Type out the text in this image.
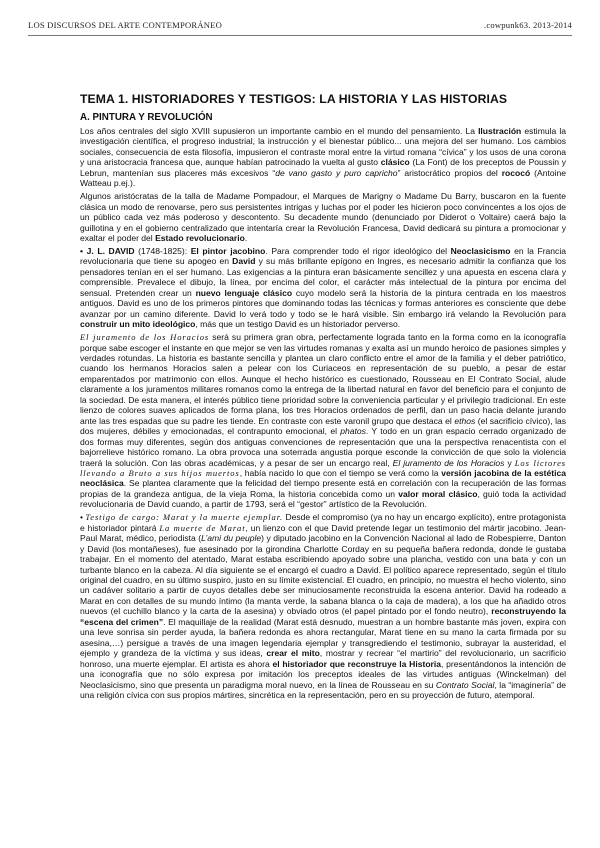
LOS DISCURSOS DEL ARTE CONTEMPORÁNEO	.cowpunk63. 2013-2014
TEMA 1. HISTORIADORES Y TESTIGOS: LA HISTORIA Y LAS HISTORIAS
A. PINTURA Y REVOLUCIÓN

Los años centrales del siglo XVIII supusieron un importante cambio en el mundo del pensamiento. La Ilustración estimula la investigación científica, el progreso industrial, la instrucción y el bienestar público... una mejora del ser humano. Los cambios sociales, consecuencia de esta filosofía, impusieron el contraste moral entre la virtud romana “cívica” y los usos de una corona y una aristocracia francesa que, aunque habían patrocinado la vuelta al gusto clásico (La Font) de los preceptos de Poussin y Lebrun, mantenían sus placeres más excesivos “de vano gasto y puro capricho” aristocrático propios del rococó (Antoine Watteau p.ej.).

Algunos aristócratas de la talla de Madame Pompadour, el Marques de Marigny o Madame Du Barry, buscaron en la fuente clásica un modo de renovarse, pero sus persistentes intrigas y luchas por el poder les hicieron poco convincentes a los ojos de un público cada vez más poderoso y descontento. Su decadente mundo (denunciado por Diderot o Voltaire) caerá bajo la guillotina y en el gobierno centralizado que intentaría crear la Revolución Francesa, David dedicará su pintura a promocionar y exaltar el poder del Estado revolucionario.

• J. L. DAVID (1748-1825): El pintor jacobino. Para comprender todo el rigor ideológico del Neoclasicismo en la Francia revolucionaria que tiene su apogeo en David y su más brillante epígono en Ingres, es necesario admitir la confianza que los pensadores tenían en el ser humano. Las exigencias a la pintura eran básicamente sencillez y una apuesta en escena clara y comprensible. Prevalece el dibujo, la línea, por encima del color, el carácter más intelectual de la pintura por encima del sensual. Pretenden crear un nuevo lenguaje clásico cuyo modelo será la historia de la pintura centrada en los maestros antiguos. David es uno de los primeros pintores que dominando todas las técnicas y formas anteriores es consciente que debe avanzar por un camino diferente. David lo verá todo y todo se le hará visible. Sin embargo irá velando la Revolución para construir un mito ideológico, más que un testigo David es un historiador perverso.

El juramento de los Horacios será su primera gran obra, perfectamente lograda tanto en la forma como en la iconografía porque sabe escoger el instante en que mejor se ven las virtudes romanas y exalta así un mundo heroico de pasiones simples y verdades rotundas. La historia es bastante sencilla y plantea un claro conflicto entre el amor de la familia y el deber patriótico, cuando los hermanos Horacios salen a pelear con los Curiaceos en representación de su pueblo, a pesar de estar emparentados por matrimonio con ellos. Aunque el hecho histórico es cuestionado, Rousseau en El Contrato Social, alude claramente a los juramentos militares romanos como la entrega de la libertad natural en favor del beneficio para el conjunto de la sociedad. De esta manera, el interés público tiene prioridad sobre la conveniencia particular y el privilegio tradicional. En este lienzo de colores suaves aplicados de forma plana, los tres Horacios ordenados de perfil, dan un paso hacia delante jurando ante las tres espadas que su padre les tiende. En contraste con este varonil grupo que destaca el ethos (el sacrificio cívico), las dos mujeres, débiles y emocionadas, el contrapunto emocional, el phatos. Y todo en un gran espacio cerrado organizado de dos formas muy diferentes, según dos antiguas convenciones de representación que una la perspectiva renacentista con el bajorrelieve histórico romano. La obra provoca una soterrada angustia porque esconde la convicción de que solo la violencia traerá la solución. Con las obras académicas, y a pesar de ser un encargo real, El juramento de los Horacios y Los lictores llevando a Bruto a sus hijos muertos, había nacido lo que con el tiempo se verá como la versión jacobina de la estética neoclásica. Se plantea claramente que la felicidad del tiempo presente está en correlación con la recuperación de las formas propias de la grandeza antigua, de la vieja Roma, la historia concebida como un valor moral clásico, guió toda la actividad revolucionaria de David cuando, a partir de 1793, será el “gestor” artístico de la Revolución.

• Testigo de cargo: Marat y la muerte ejemplar. Desde el compromiso (ya no hay un encargo explícito), entre protagonista e historiador pintará La muerte de Marat, un lienzo con el que David pretende legar un testimonio del mártir jacobino. Jean-Paul Marat, médico, periodista (L’ami du peuple) y diputado jacobino en la Convención Nacional al lado de Robespierre, Danton y David (los montañeses), fue asesinado por la girondina Charlotte Corday en su pequeña bañera redonda, donde le gustaba trabajar. En el momento del atentado, Marat estaba escribiendo apoyado sobre una plancha, vestido con una bata y con un turbante blanco en la cabeza. Al día siguiente se el encargó el cuadro a David. El político aparece representado, según el título original del cuadro, en su último suspiro, justo en su límite existencial. El cuadro, en principio, no muestra el hecho violento, sino un cadáver solitario a partir de cuyos detalles debe ser minuciosamente reconstruida la escena anterior. David ha rodeado a Marat en con detalles de su mundo íntimo (la manta verde, la sabana blanca o la caja de madera), a los que ha añadido otros nuevos (el cuchillo blanco y la carta de la asesina) y obviado otros (el papel pintado por el fondo neutro), reconstruyendo la “escena del crimen”. El maquillaje de la realidad (Marat está desnudo, muestran a un hombre bastante más joven, expira con una leve sonrisa sin perder ayuda, la bañera redonda es ahora rectangular, Marat tiene en su mano la carta firmada por su asesina,…) persigue a través de una imagen legendaria ejemplar y transgrediendo el testimonio, subrayar la austeridad, el ejemplo y grandeza de la víctima y sus ideas, crear el mito, mostrar y recrear “el martirio” del revolucionario, un sacrificio honroso, una muerte ejemplar. El artista es ahora el historiador que reconstruye la Historia, presentándonos la intención de una iconografía que no sólo expresa por imitación los preceptos ideales de las virtudes antiguas (Winckelman) del Neoclasicismo, sino que presenta un paradigma moral nuevo, en la línea de Rousseau en su Contrato Social, la “imaginería” de una religión cívica con sus propios mártires, sincrética en la representación, pero en su proyección de futuro, atemporal.
